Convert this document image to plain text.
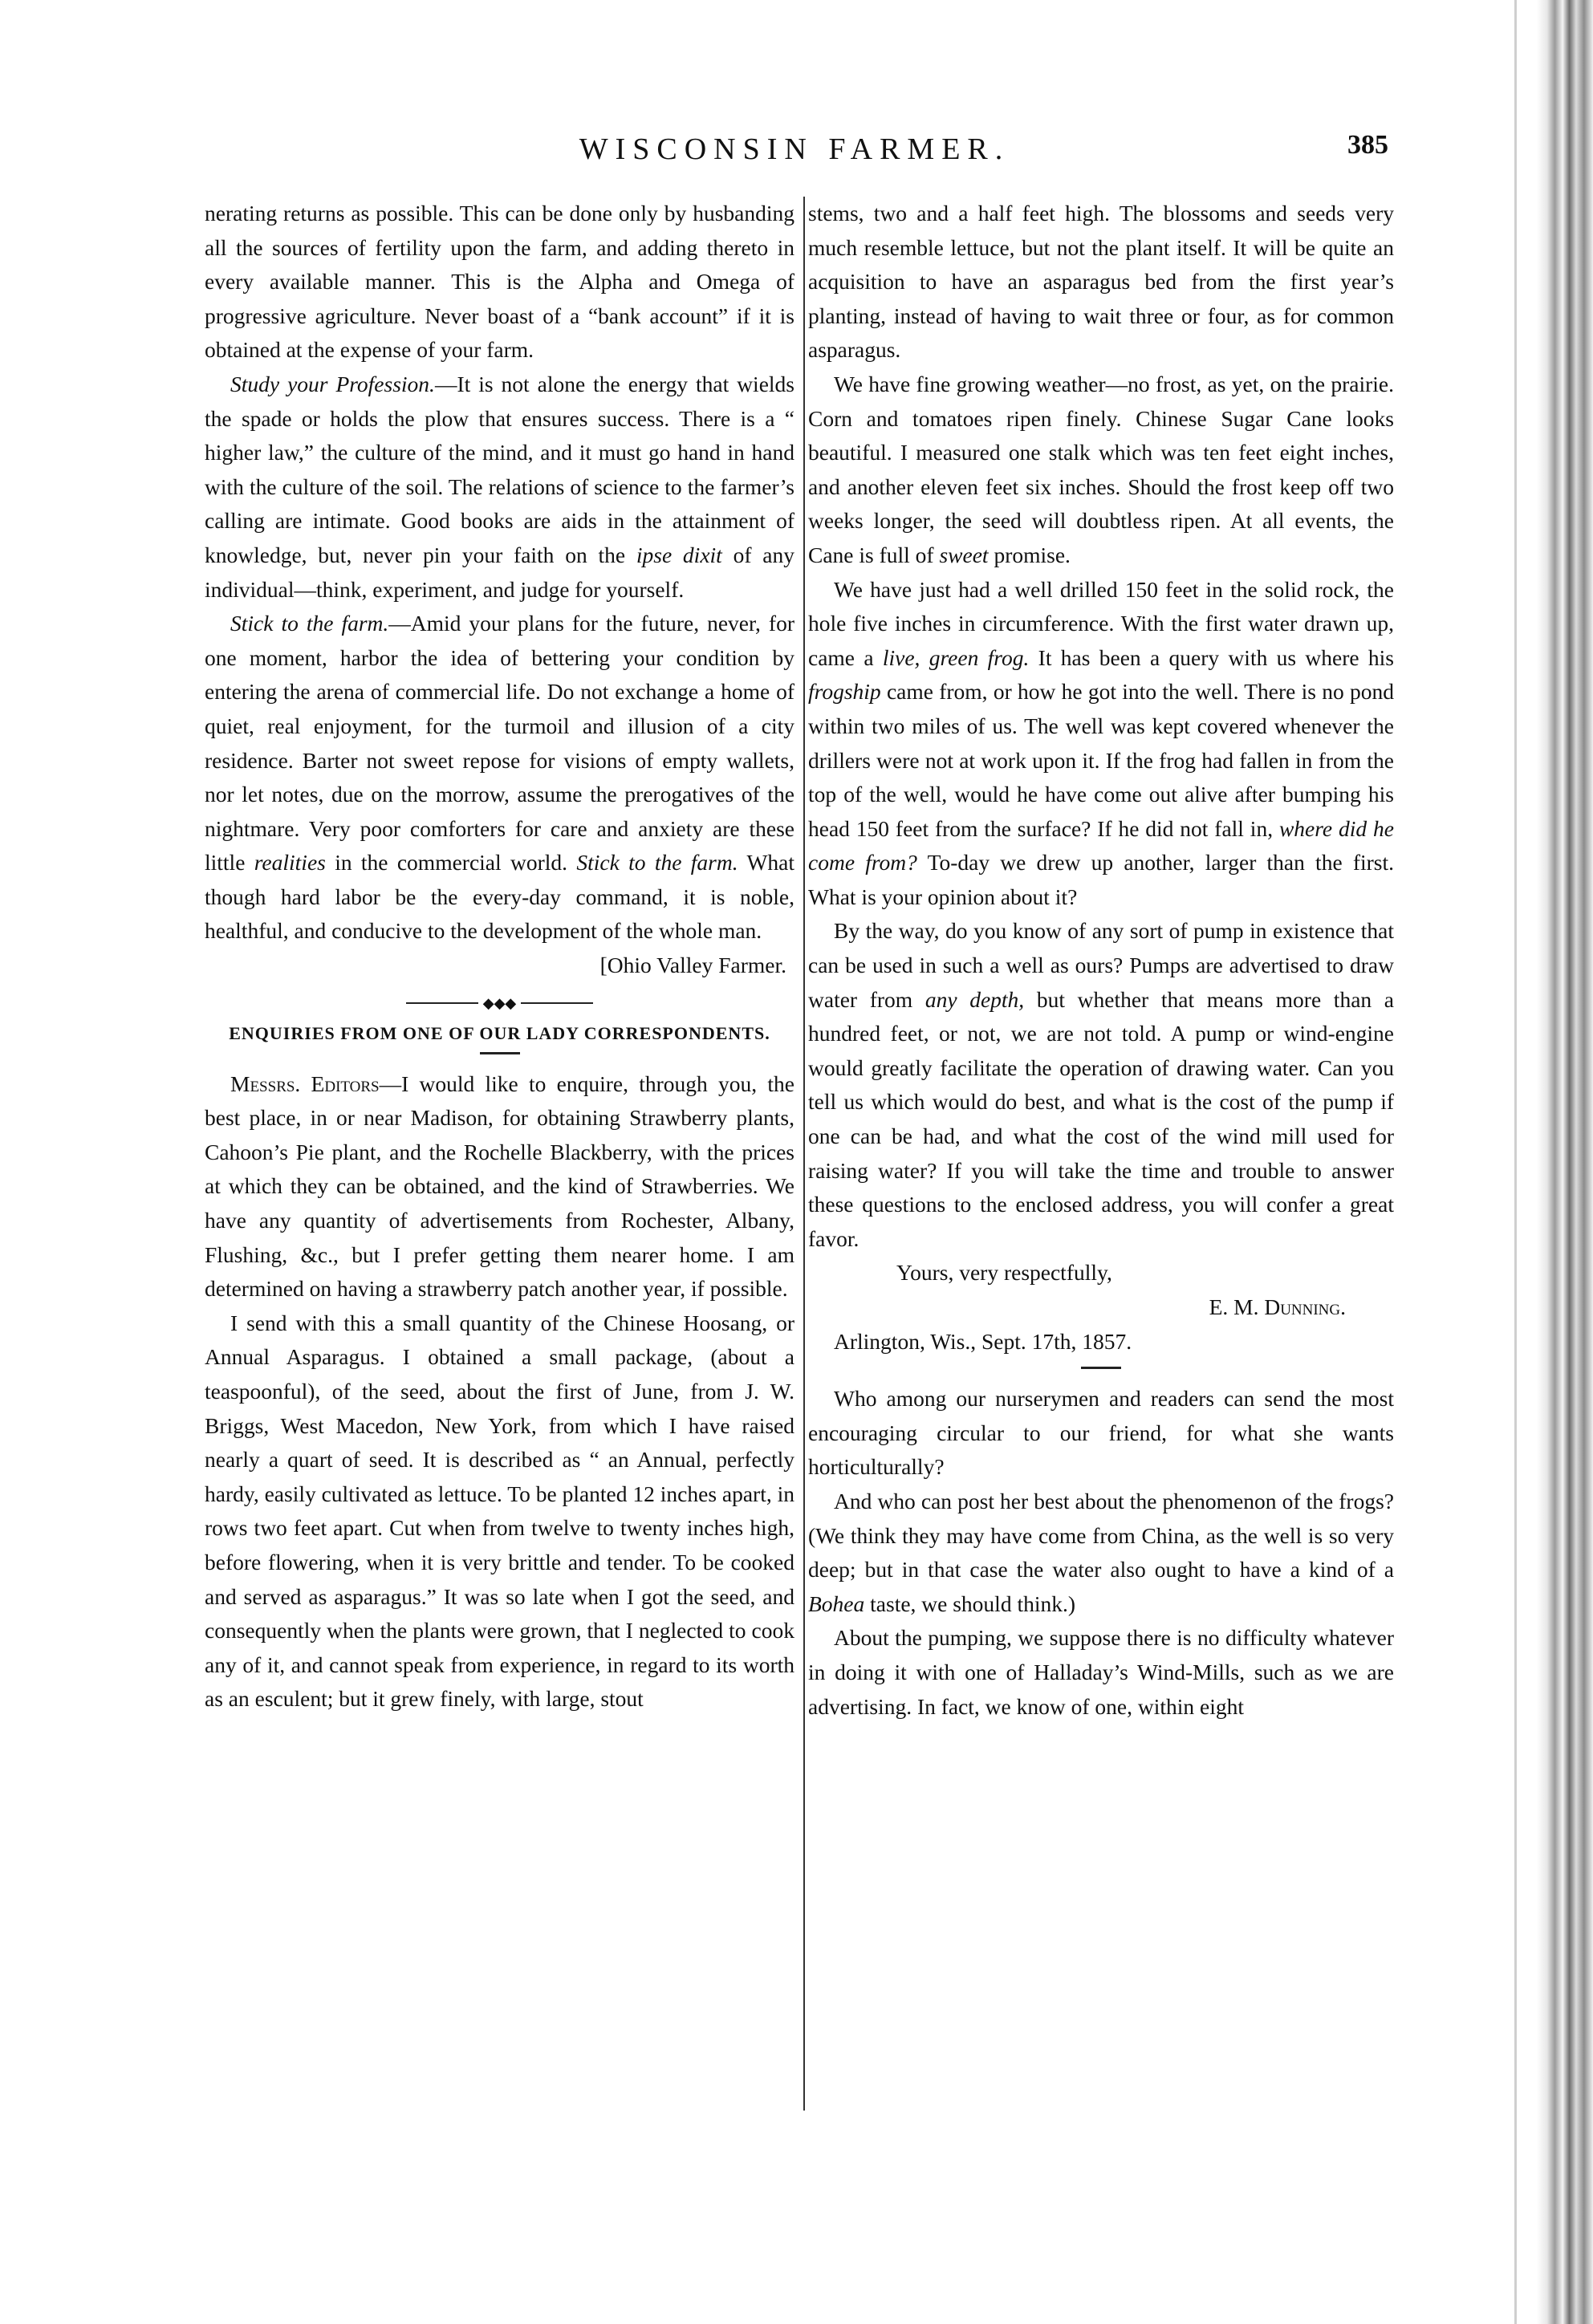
WISCONSIN FARMER.	385

nerating returns as possible. This can be done only by husbanding all the sources of fertility upon the farm, and adding thereto in every available manner. This is the Alpha and Omega of progressive agriculture. Never boast of a “bank account” if it is obtained at the expense of your farm.

Study your Profession.—It is not alone the energy that wields the spade or holds the plow that ensures success. There is a “ higher law,” the culture of the mind, and it must go hand in hand with the culture of the soil. The relations of science to the farmer’s calling are intimate. Good books are aids in the attainment of knowledge, but, never pin your faith on the ipse dixit of any individual—think, experiment, and judge for yourself.

Stick to the farm.—Amid your plans for the future, never, for one moment, harbor the idea of bettering your condition by entering the arena of commercial life. Do not exchange a home of quiet, real enjoyment, for the turmoil and illusion of a city residence. Barter not sweet repose for visions of empty wallets, nor let notes, due on the morrow, assume the prerogatives of the nightmare. Very poor comforters for care and anxiety are these little realities in the commercial world. Stick to the farm. What though hard labor be the every-day command, it is noble, healthful, and conducive to the development of the whole man.

[Ohio Valley Farmer.

◆◆◆

ENQUIRIES FROM ONE OF OUR LADY CORRESPONDENTS.

Messrs. Editors—I would like to enquire, through you, the best place, in or near Madison, for obtaining Strawberry plants, Cahoon’s Pie plant, and the Rochelle Blackberry, with the prices at which they can be obtained, and the kind of Strawberries. We have any quantity of advertisements from Rochester, Albany, Flushing, &c., but I prefer getting them nearer home. I am determined on having a strawberry patch another year, if possible.

I send with this a small quantity of the Chinese Hoosang, or Annual Asparagus. I obtained a small package, (about a teaspoonful), of the seed, about the first of June, from J. W. Briggs, West Macedon, New York, from which I have raised nearly a quart of seed. It is described as “ an Annual, perfectly hardy, easily cultivated as lettuce. To be planted 12 inches apart, in rows two feet apart. Cut when from twelve to twenty inches high, before flowering, when it is very brittle and tender. To be cooked and served as asparagus.” It was so late when I got the seed, and consequently when the plants were grown, that I neglected to cook any of it, and cannot speak from experience, in regard to its worth as an esculent; but it grew finely, with large, stout

stems, two and a half feet high. The blossoms and seeds very much resemble lettuce, but not the plant itself. It will be quite an acquisition to have an asparagus bed from the first year’s planting, instead of having to wait three or four, as for common asparagus.

We have fine growing weather—no frost, as yet, on the prairie. Corn and tomatoes ripen finely. Chinese Sugar Cane looks beautiful. I measured one stalk which was ten feet eight inches, and another eleven feet six inches. Should the frost keep off two weeks longer, the seed will doubtless ripen. At all events, the Cane is full of sweet promise.

We have just had a well drilled 150 feet in the solid rock, the hole five inches in circumference. With the first water drawn up, came a live, green frog. It has been a query with us where his frogship came from, or how he got into the well. There is no pond within two miles of us. The well was kept covered whenever the drillers were not at work upon it. If the frog had fallen in from the top of the well, would he have come out alive after bumping his head 150 feet from the surface? If he did not fall in, where did he come from? To-day we drew up another, larger than the first. What is your opinion about it?

By the way, do you know of any sort of pump in existence that can be used in such a well as ours? Pumps are advertised to draw water from any depth, but whether that means more than a hundred feet, or not, we are not told. A pump or wind-engine would greatly facilitate the operation of drawing water. Can you tell us which would do best, and what is the cost of the pump if one can be had, and what the cost of the wind mill used for raising water? If you will take the time and trouble to answer these questions to the enclosed address, you will confer a great favor.

Yours, very respectfully,

E. M. Dunning.

Arlington, Wis., Sept. 17th, 1857.

Who among our nurserymen and readers can send the most encouraging circular to our friend, for what she wants horticulturally?

And who can post her best about the phenomenon of the frogs? (We think they may have come from China, as the well is so very deep; but in that case the water also ought to have a kind of a Bohea taste, we should think.)

About the pumping, we suppose there is no difficulty whatever in doing it with one of Halladay’s Wind-Mills, such as we are advertising. In fact, we know of one, within eight
